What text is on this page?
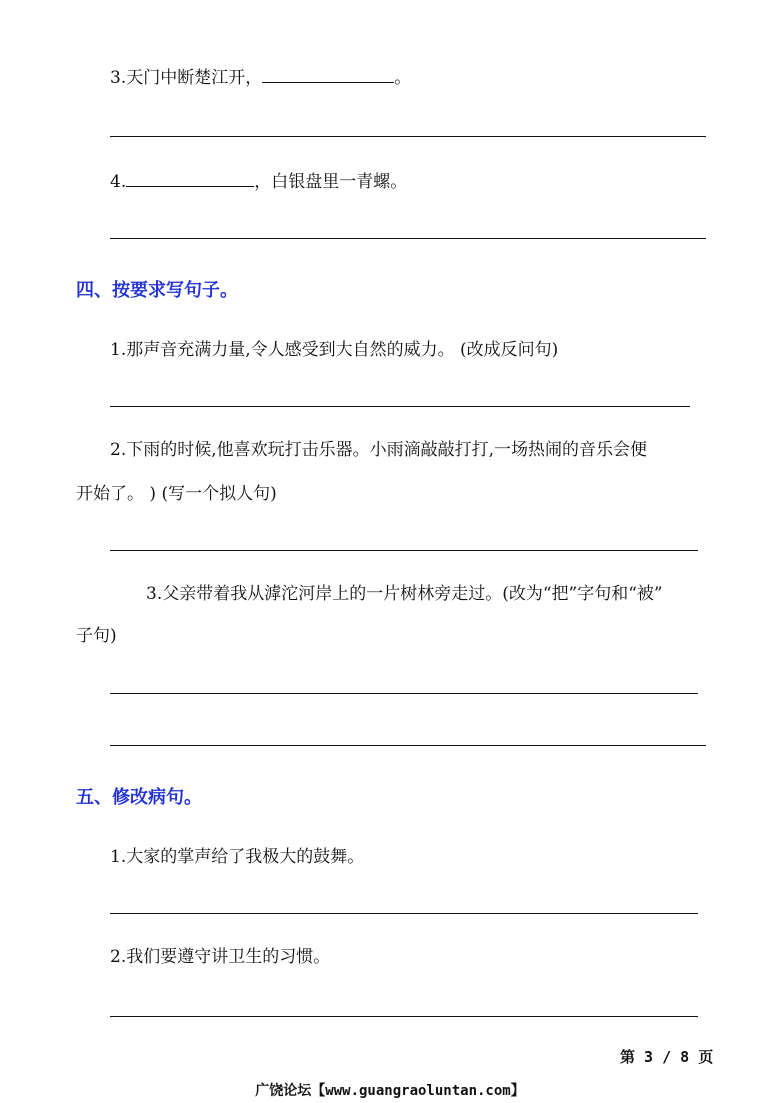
3.天门中断楚江开，	。
4.	，白银盘里一青螺。
四、按要求写句子。
1.那声音充满力量,令人感受到大自然的威力。 (改成反问句)
2.下雨的时候,他喜欢玩打击乐器。小雨滴敲敲打打,一场热闹的音乐会便
开始了。 ) (写一个拟人句)
3.父亲带着我从滹沱河岸上的一片树林旁走过。(改为“把”字句和“被”
子句)
五、修改病句。
1.大家的掌声给了我极大的鼓舞。
2.我们要遵守讲卫生的习惯。
第 3 / 8 页
广饶论坛【www.guangraoluntan.com】
